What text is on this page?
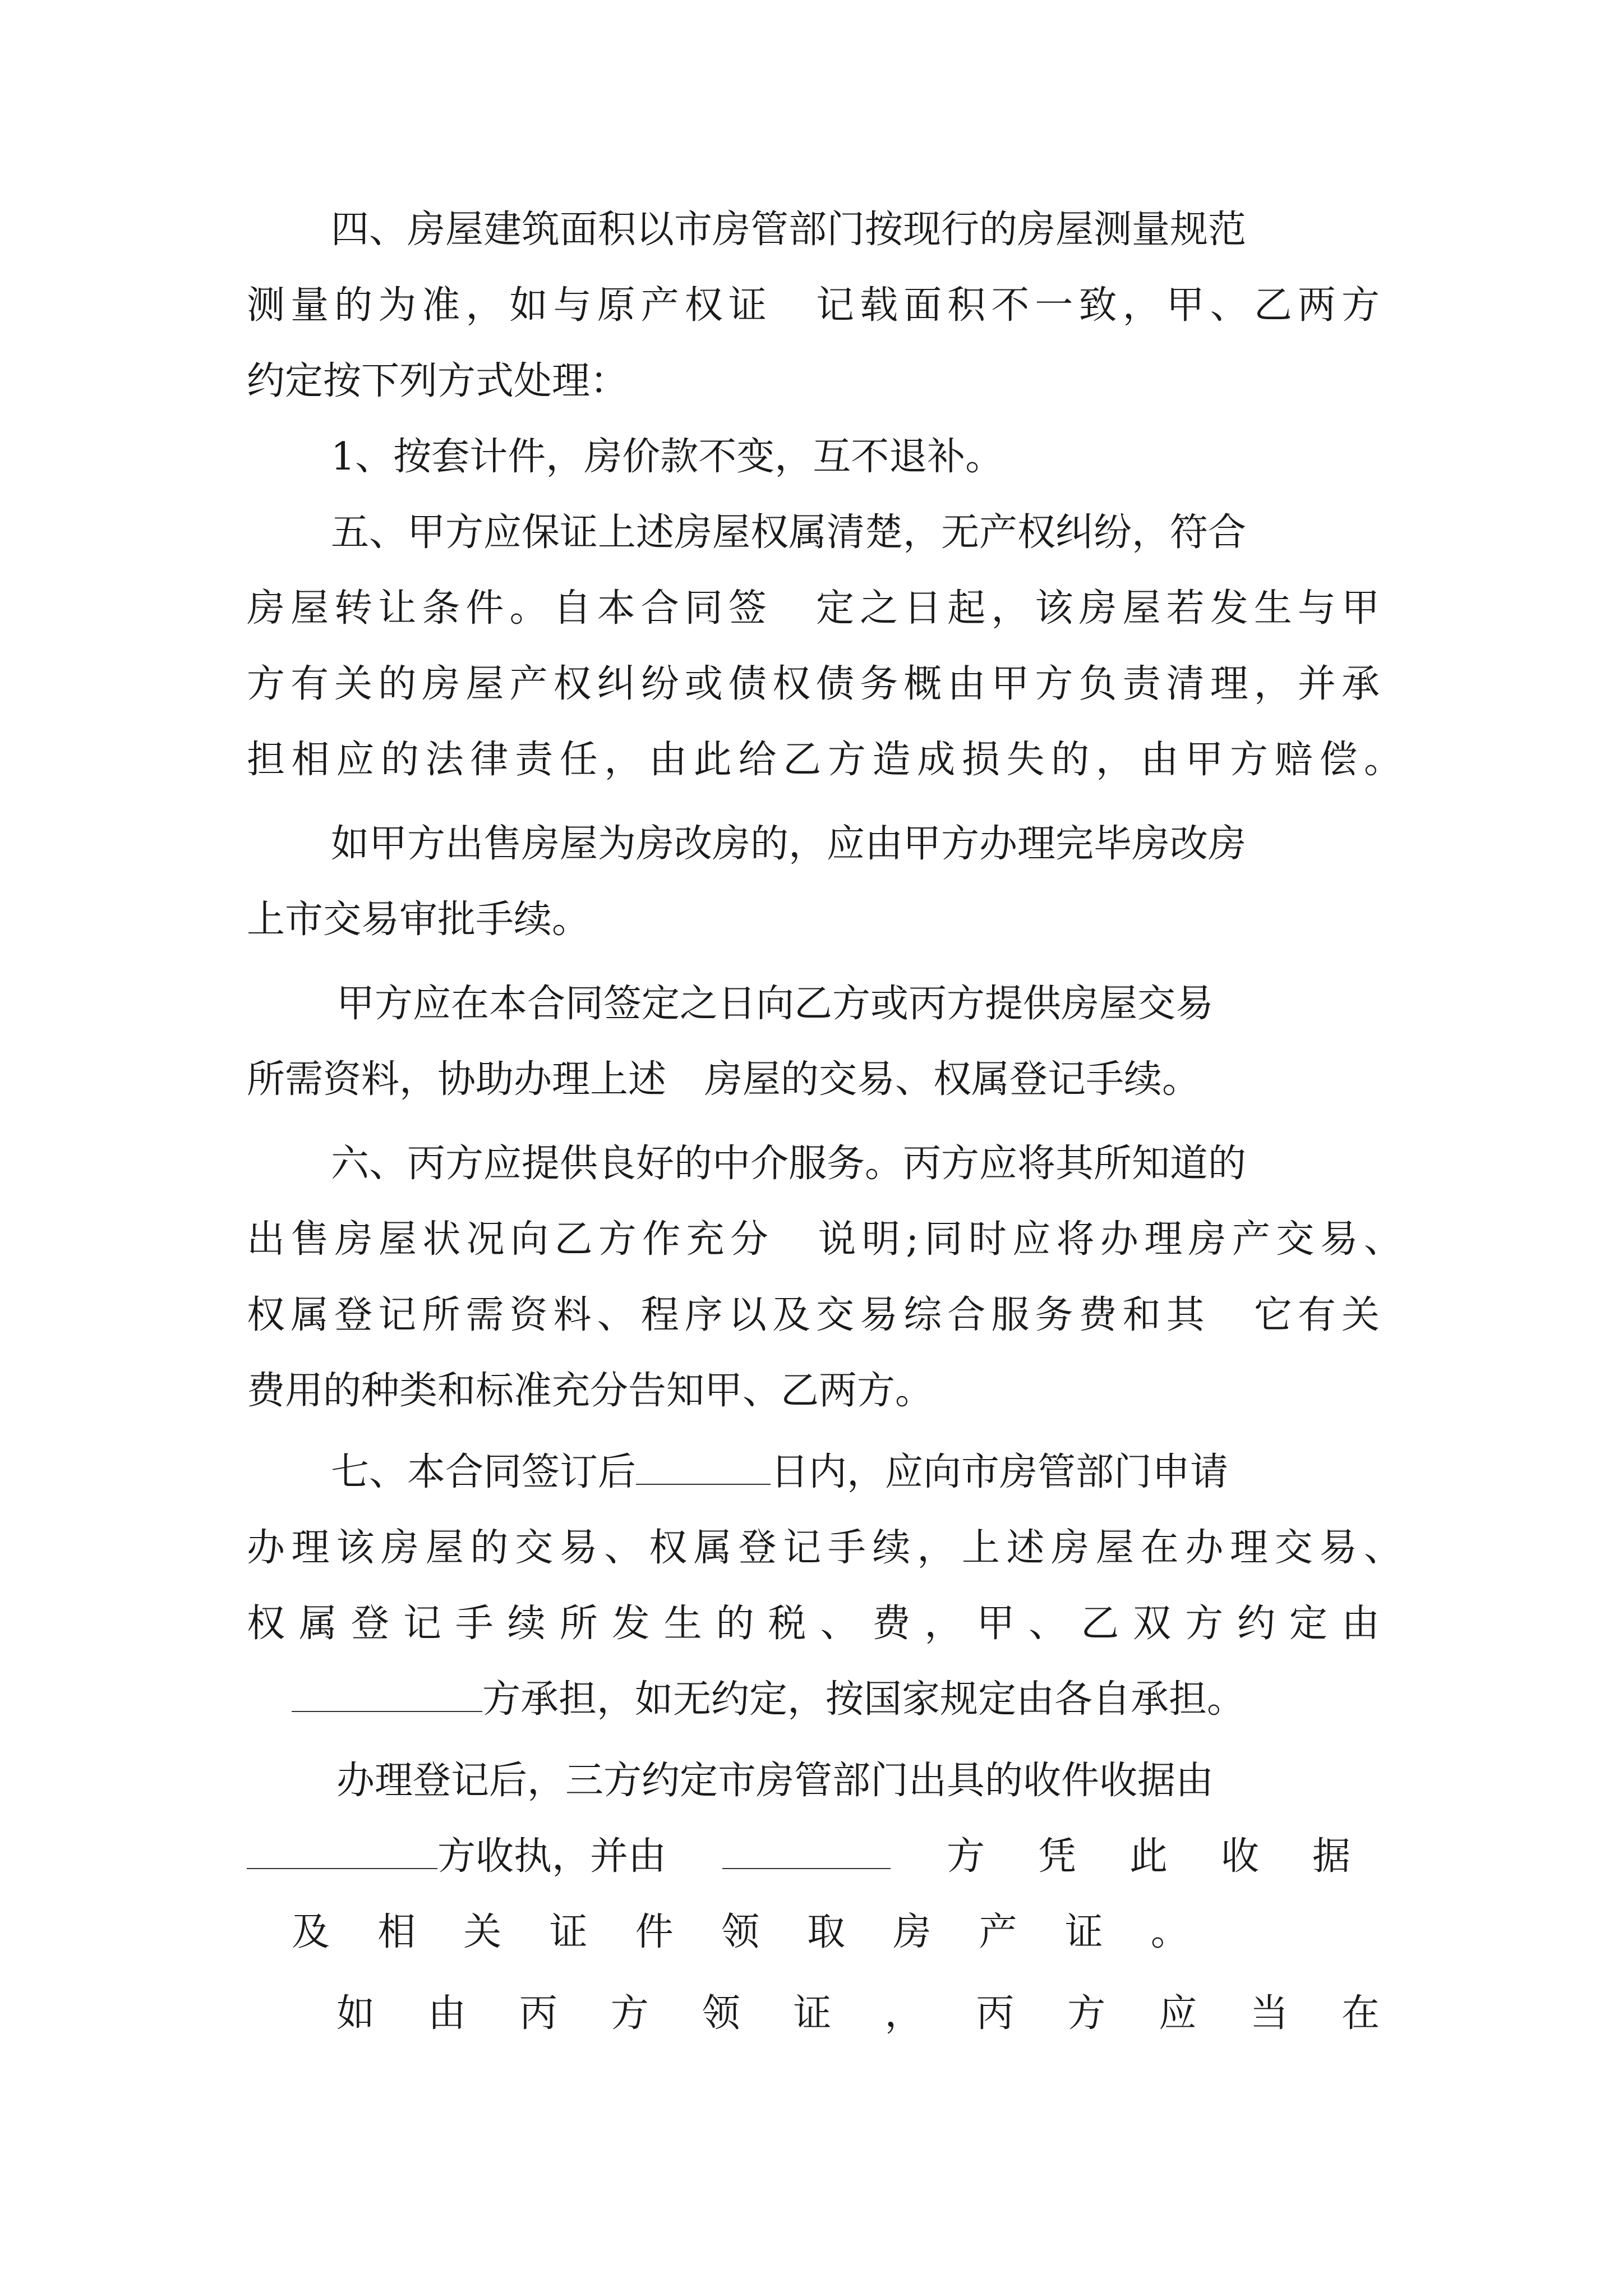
四、房屋建筑面积以市房管部门按现行的房屋测量规范
测量的为准，如与原产权证　记载面积不一致，甲、乙两方
约定按下列方式处理：
1、按套计件，房价款不变，互不退补。
五、甲方应保证上述房屋权属清楚，无产权纠纷，符合
房屋转让条件。自本合同签　定之日起，该房屋若发生与甲
方有关的房屋产权纠纷或债权债务概由甲方负责清理，并承
担相应的法律责任，由此给乙方造成损失的，由甲方赔偿。
如甲方出售房屋为房改房的，应由甲方办理完毕房改房
上市交易审批手续。
甲方应在本合同签定之日向乙方或丙方提供房屋交易
所需资料，协助办理上述　房屋的交易、权属登记手续。
六、丙方应提供良好的中介服务。丙方应将其所知道的
出售房屋状况向乙方作充分　说明;同时应将办理房产交易、
权属登记所需资料、程序以及交易综合服务费和其　它有关
费用的种类和标准充分告知甲、乙两方。
七、本合同签订后	日内，应向市房管部门申请
办理该房屋的交易、权属登记手续，上述房屋在办理交易、
权属登记手续所发生的税、费，甲、乙双方约定由
方承担，如无约定，按国家规定由各自承担。
办理登记后，三方约定市房管部门出具的收件收据由
方收执，并由	方 凭 此 收 据
及 相 关 证 件 领 取 房 产 证 。
如 由 丙 方 领 证 ， 丙 方 应 当 在
